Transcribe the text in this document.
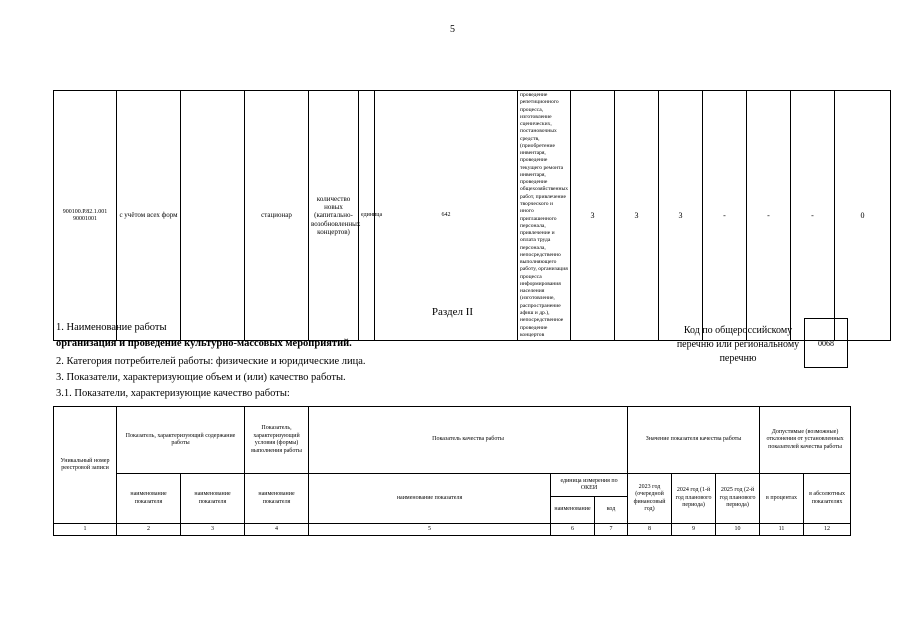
5
900100.Р.82.1.001 90001001	с учётом всех форм		стационар	количество новых (капитально-возобновленных концертов)	единица	642	проведение репетиционного процесса, изготовление сценических, постановочных средств, (приобретение инвентаря, проведение текущего ремонта инвентаря, проведение общехозяйственных работ, привлечение творческого и иного приглашенного персонала, привлечение и оплата труда персонала, непосредственно выполняющего работу, организация процесса информирования населения (изготовление, распространение афиш и др.), непосредственное проведение концертов	3	3	3	-	-	-	0	
Раздел II
1. Наименование работы
организация и проведение культурно-массовых мероприятий.
2. Категория потребителей работы: физические и юридические лица.
3. Показатели, характеризующие объем и (или) качество работы.
3.1. Показатели, характеризующие качество работы:
Код по общероссийскому перечню или региональному перечню
0068
Уникальный номер реестровой записи	Показатель, характеризующий содержание работы		Показатель, характеризующий условия (формы) выполнения работы	Показатель качества работы			Значение показателя качества работы			Допустимые (возможные) отклонения от установленных показателей качества работы	
	наименование показателя	наименование показателя	наименование показателя	наименование показателя	единица измерения по ОКЕИ		2023 год (очередной финансовый год)	2024 год (1-й год планового периода)	2025 год (2-й год планового периода)	в процентах	в абсолютных показателях
					наименование	код					
1	2	3	4	5	6	7	8	9	10	11	12
